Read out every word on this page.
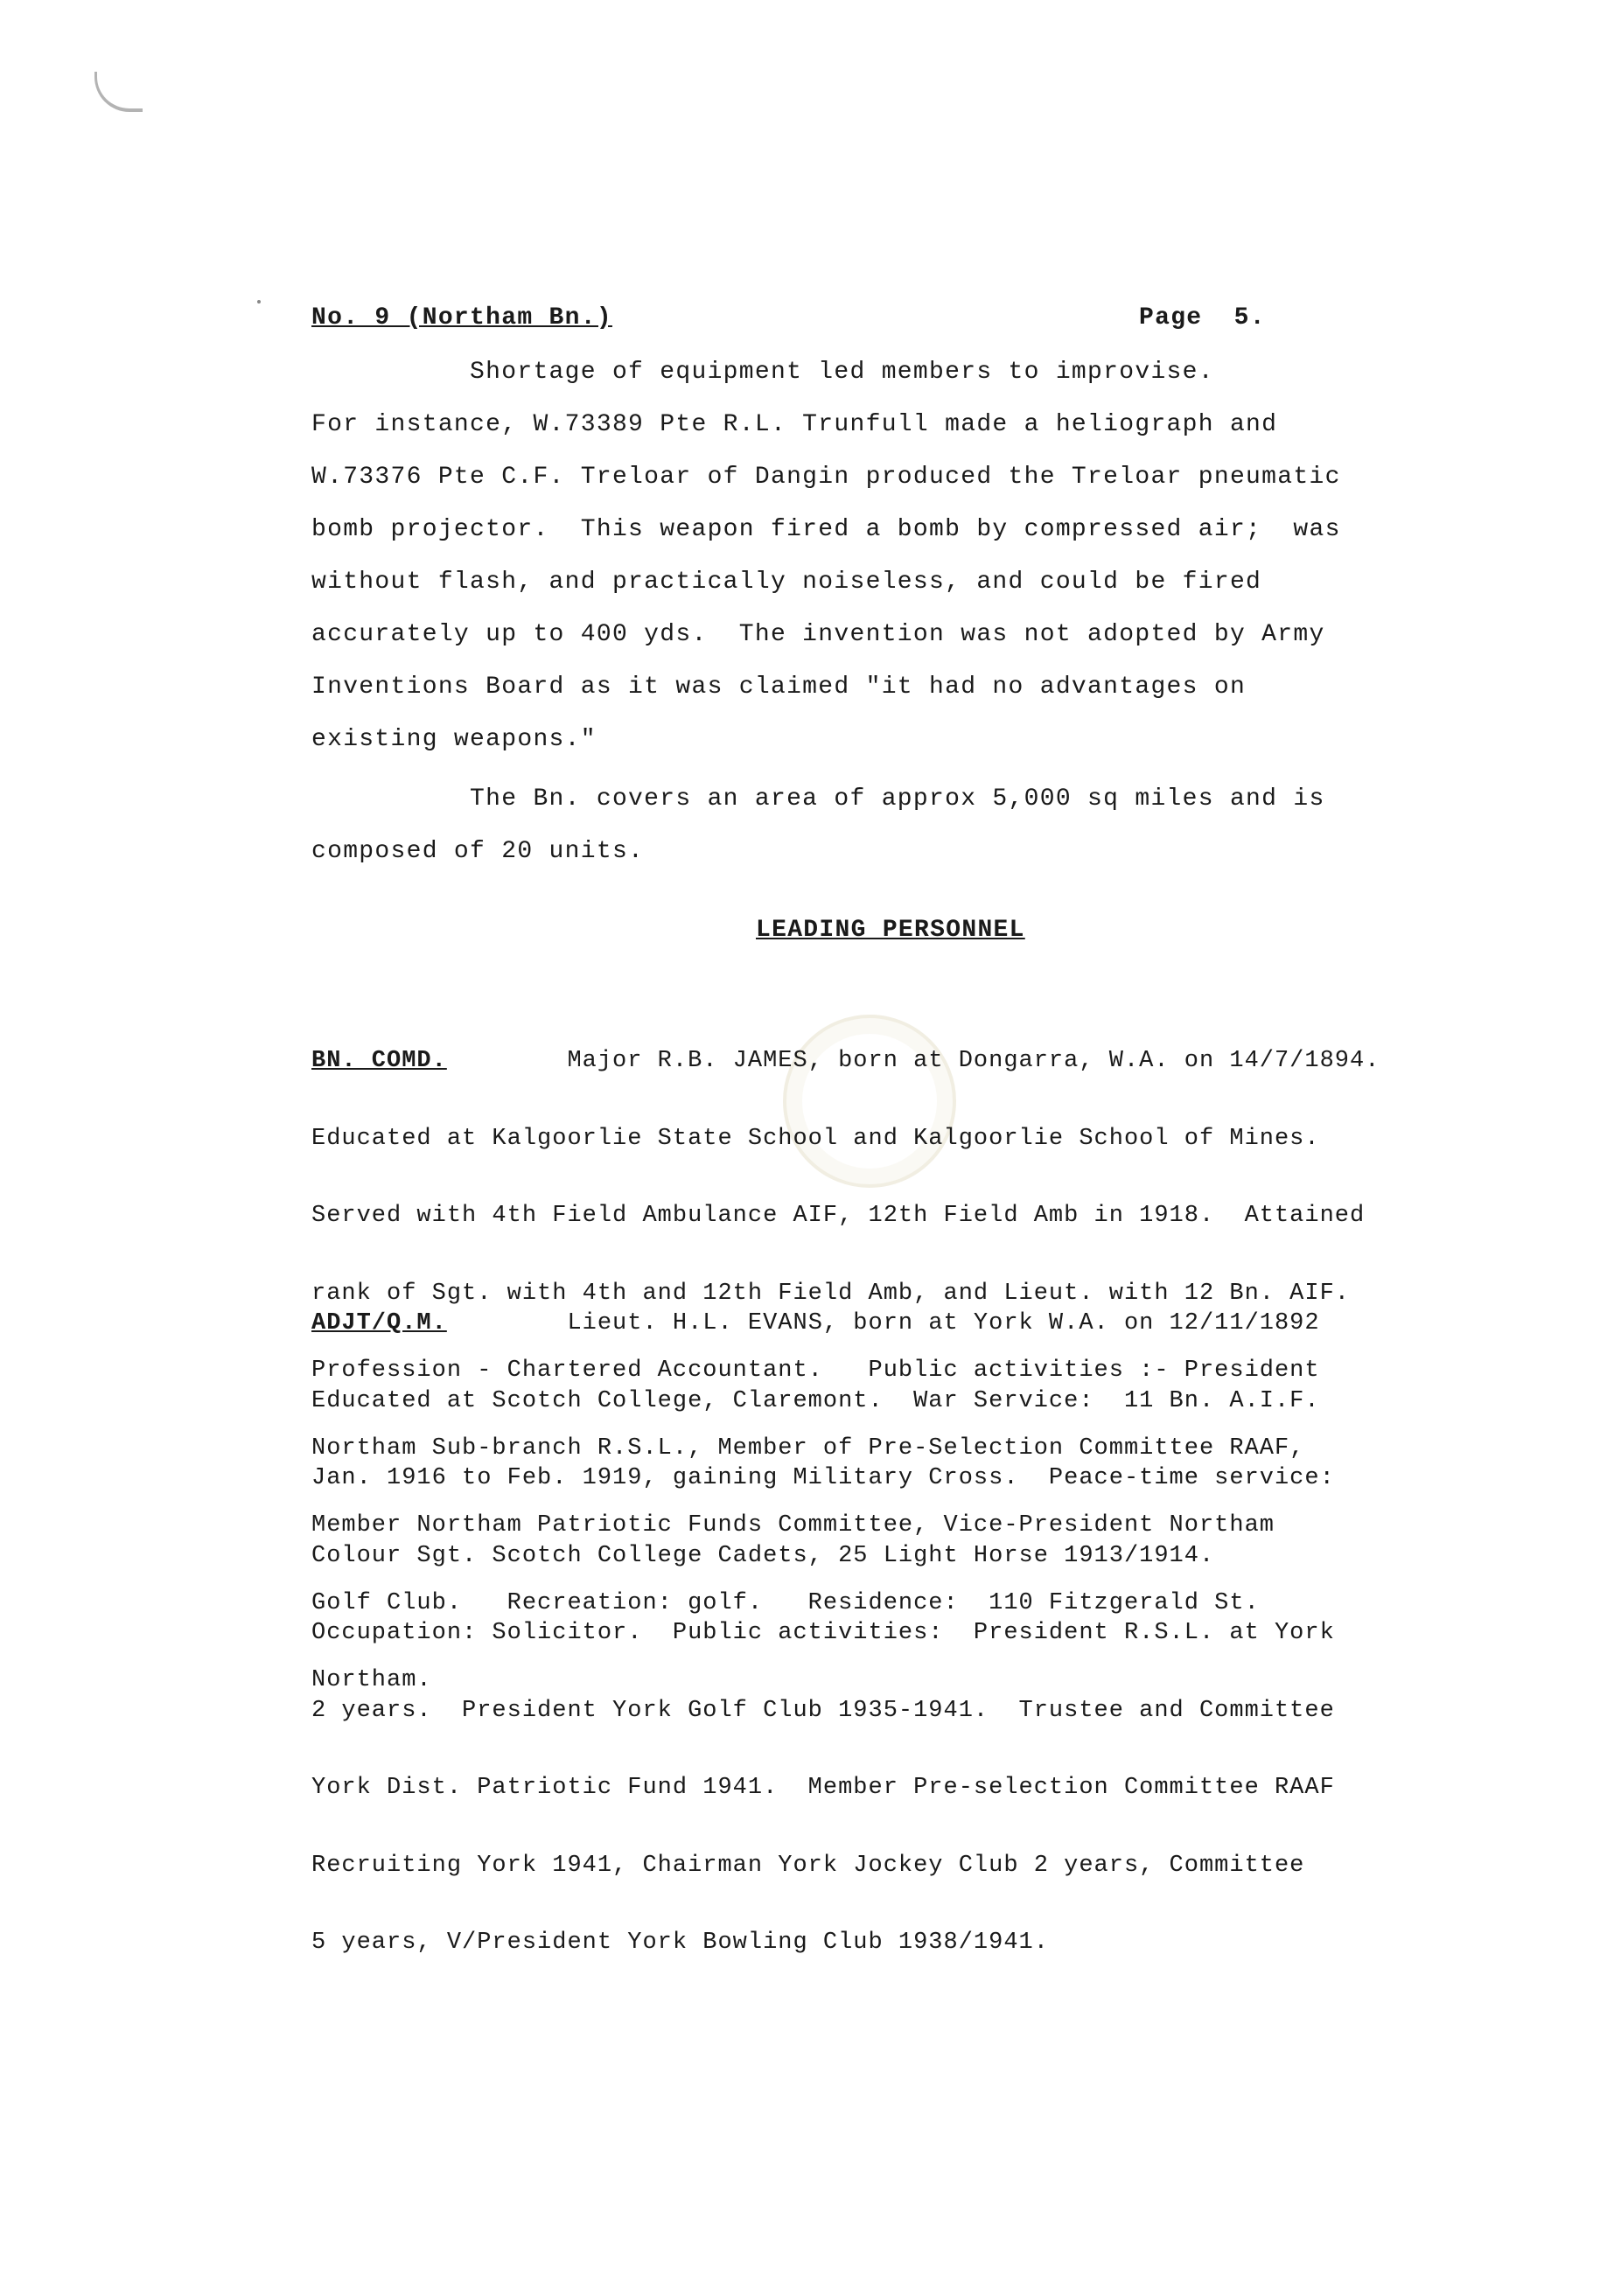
No. 9 (Northam Bn.)	Page  5.
Shortage of equipment led members to improvise.
For instance, W.73389 Pte R.L. Trunfull made a heliograph and
W.73376 Pte C.F. Treloar of Dangin produced the Treloar pneumatic
bomb projector.  This weapon fired a bomb by compressed air;  was
without flash, and practically noiseless, and could be fired
accurately up to 400 yds.  The invention was not adopted by Army
Inventions Board as it was claimed "it had no advantages on
existing weapons."
The Bn. covers an area of approx 5,000 sq miles and is
composed of 20 units.
LEADING PERSONNEL

BN. COMD.        Major R.B. JAMES, born at Dongarra, W.A. on 14/7/1894.

Educated at Kalgoorlie State School and Kalgoorlie School of Mines.

Served with 4th Field Ambulance AIF, 12th Field Amb in 1918.  Attained

rank of Sgt. with 4th and 12th Field Amb, and Lieut. with 12 Bn. AIF.

Profession - Chartered Accountant.   Public activities :- President

Northam Sub-branch R.S.L., Member of Pre-Selection Committee RAAF,

Member Northam Patriotic Funds Committee, Vice-President Northam

Golf Club.   Recreation: golf.   Residence:  110 Fitzgerald St.

Northam.

ADJT/Q.M.        Lieut. H.L. EVANS, born at York W.A. on 12/11/1892

Educated at Scotch College, Claremont.  War Service:  11 Bn. A.I.F.

Jan. 1916 to Feb. 1919, gaining Military Cross.  Peace-time service:

Colour Sgt. Scotch College Cadets, 25 Light Horse 1913/1914.

Occupation: Solicitor.  Public activities:  President R.S.L. at York

2 years.  President York Golf Club 1935-1941.  Trustee and Committee

York Dist. Patriotic Fund 1941.  Member Pre-selection Committee RAAF

Recruiting York 1941, Chairman York Jockey Club 2 years, Committee

5 years, V/President York Bowling Club 1938/1941.
